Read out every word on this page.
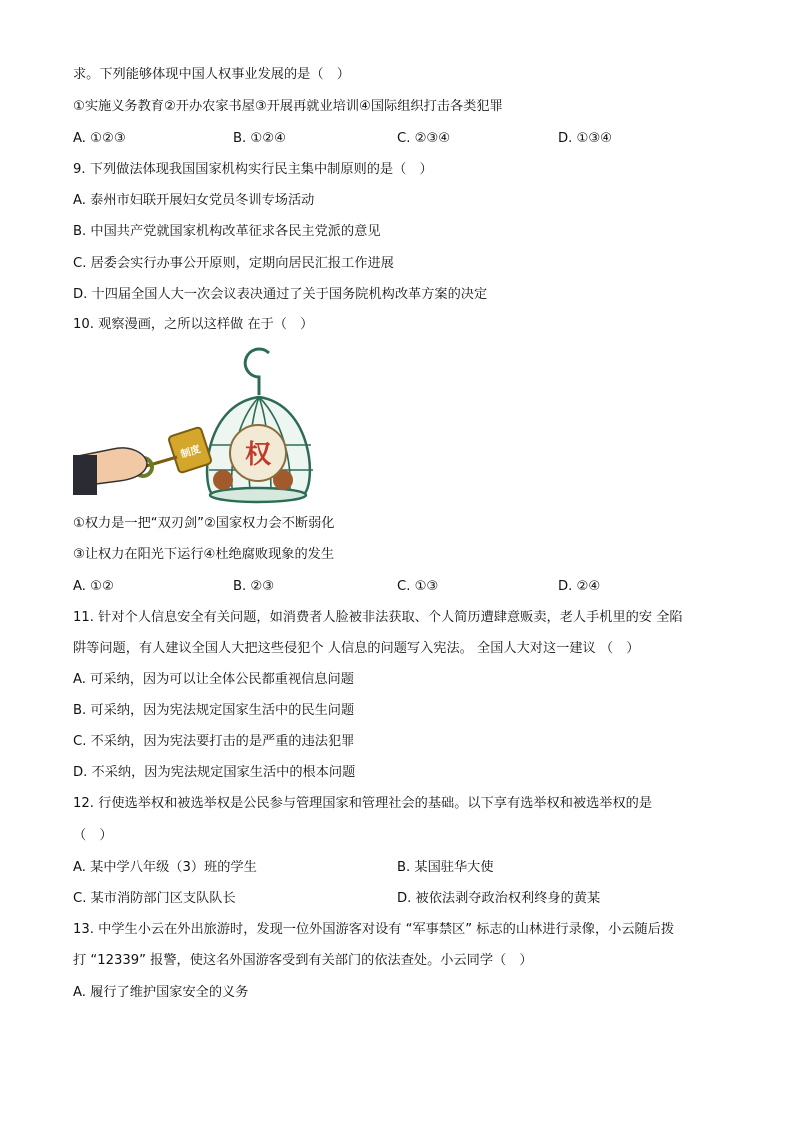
求。下列能够体现中国人权事业发展的是（　）
①实施义务教育②开办农家书屋③开展再就业培训④国际组织打击各类犯罪
A. ①②③	B. ①②④	C. ②③④	D. ①③④
9. 下列做法体现我国国家机构实行民主集中制原则的是（　）
A. 泰州市妇联开展妇女党员冬训专场活动
B. 中国共产党就国家机构改革征求各民主党派的意见
C. 居委会实行办事公开原则，定期向居民汇报工作进展
D. 十四届全国人大一次会议表决通过了关于国务院机构改革方案的决定
10. 观察漫画，之所以这样做 在于（　）
权
制度
①权力是一把“双刃剑”②国家权力会不断弱化
③让权力在阳光下运行④杜绝腐败现象的发生
A. ①②	B. ②③	C. ①③	D. ②④
11. 针对个人信息安全有关问题，如消费者人脸被非法获取、个人简历遭肆意贩卖，老人手机里的安 全陷
阱等问题，有人建议全国人大把这些侵犯个 人信息的问题写入宪法。 全国人大对这一建议 （　）
A. 可采纳，因为可以让全体公民都重视信息问题
B. 可采纳，因为宪法规定国家生活中的民生问题
C. 不采纳，因为宪法要打击的是严重的违法犯罪
D. 不采纳，因为宪法规定国家生活中的根本问题
12. 行使选举权和被选举权是公民参与管理国家和管理社会的基础。以下享有选举权和被选举权的是
（　）
A. 某中学八年级（3）班的学生	B. 某国驻华大使
C. 某市消防部门区支队队长	D. 被依法剥夺政治权利终身的黄某
13. 中学生小云在外出旅游时，发现一位外国游客对设有 “军事禁区” 标志的山林进行录像，小云随后拨
打 “12339” 报警，使这名外国游客受到有关部门的依法查处。小云同学（　）
A. 履行了维护国家安全的义务
